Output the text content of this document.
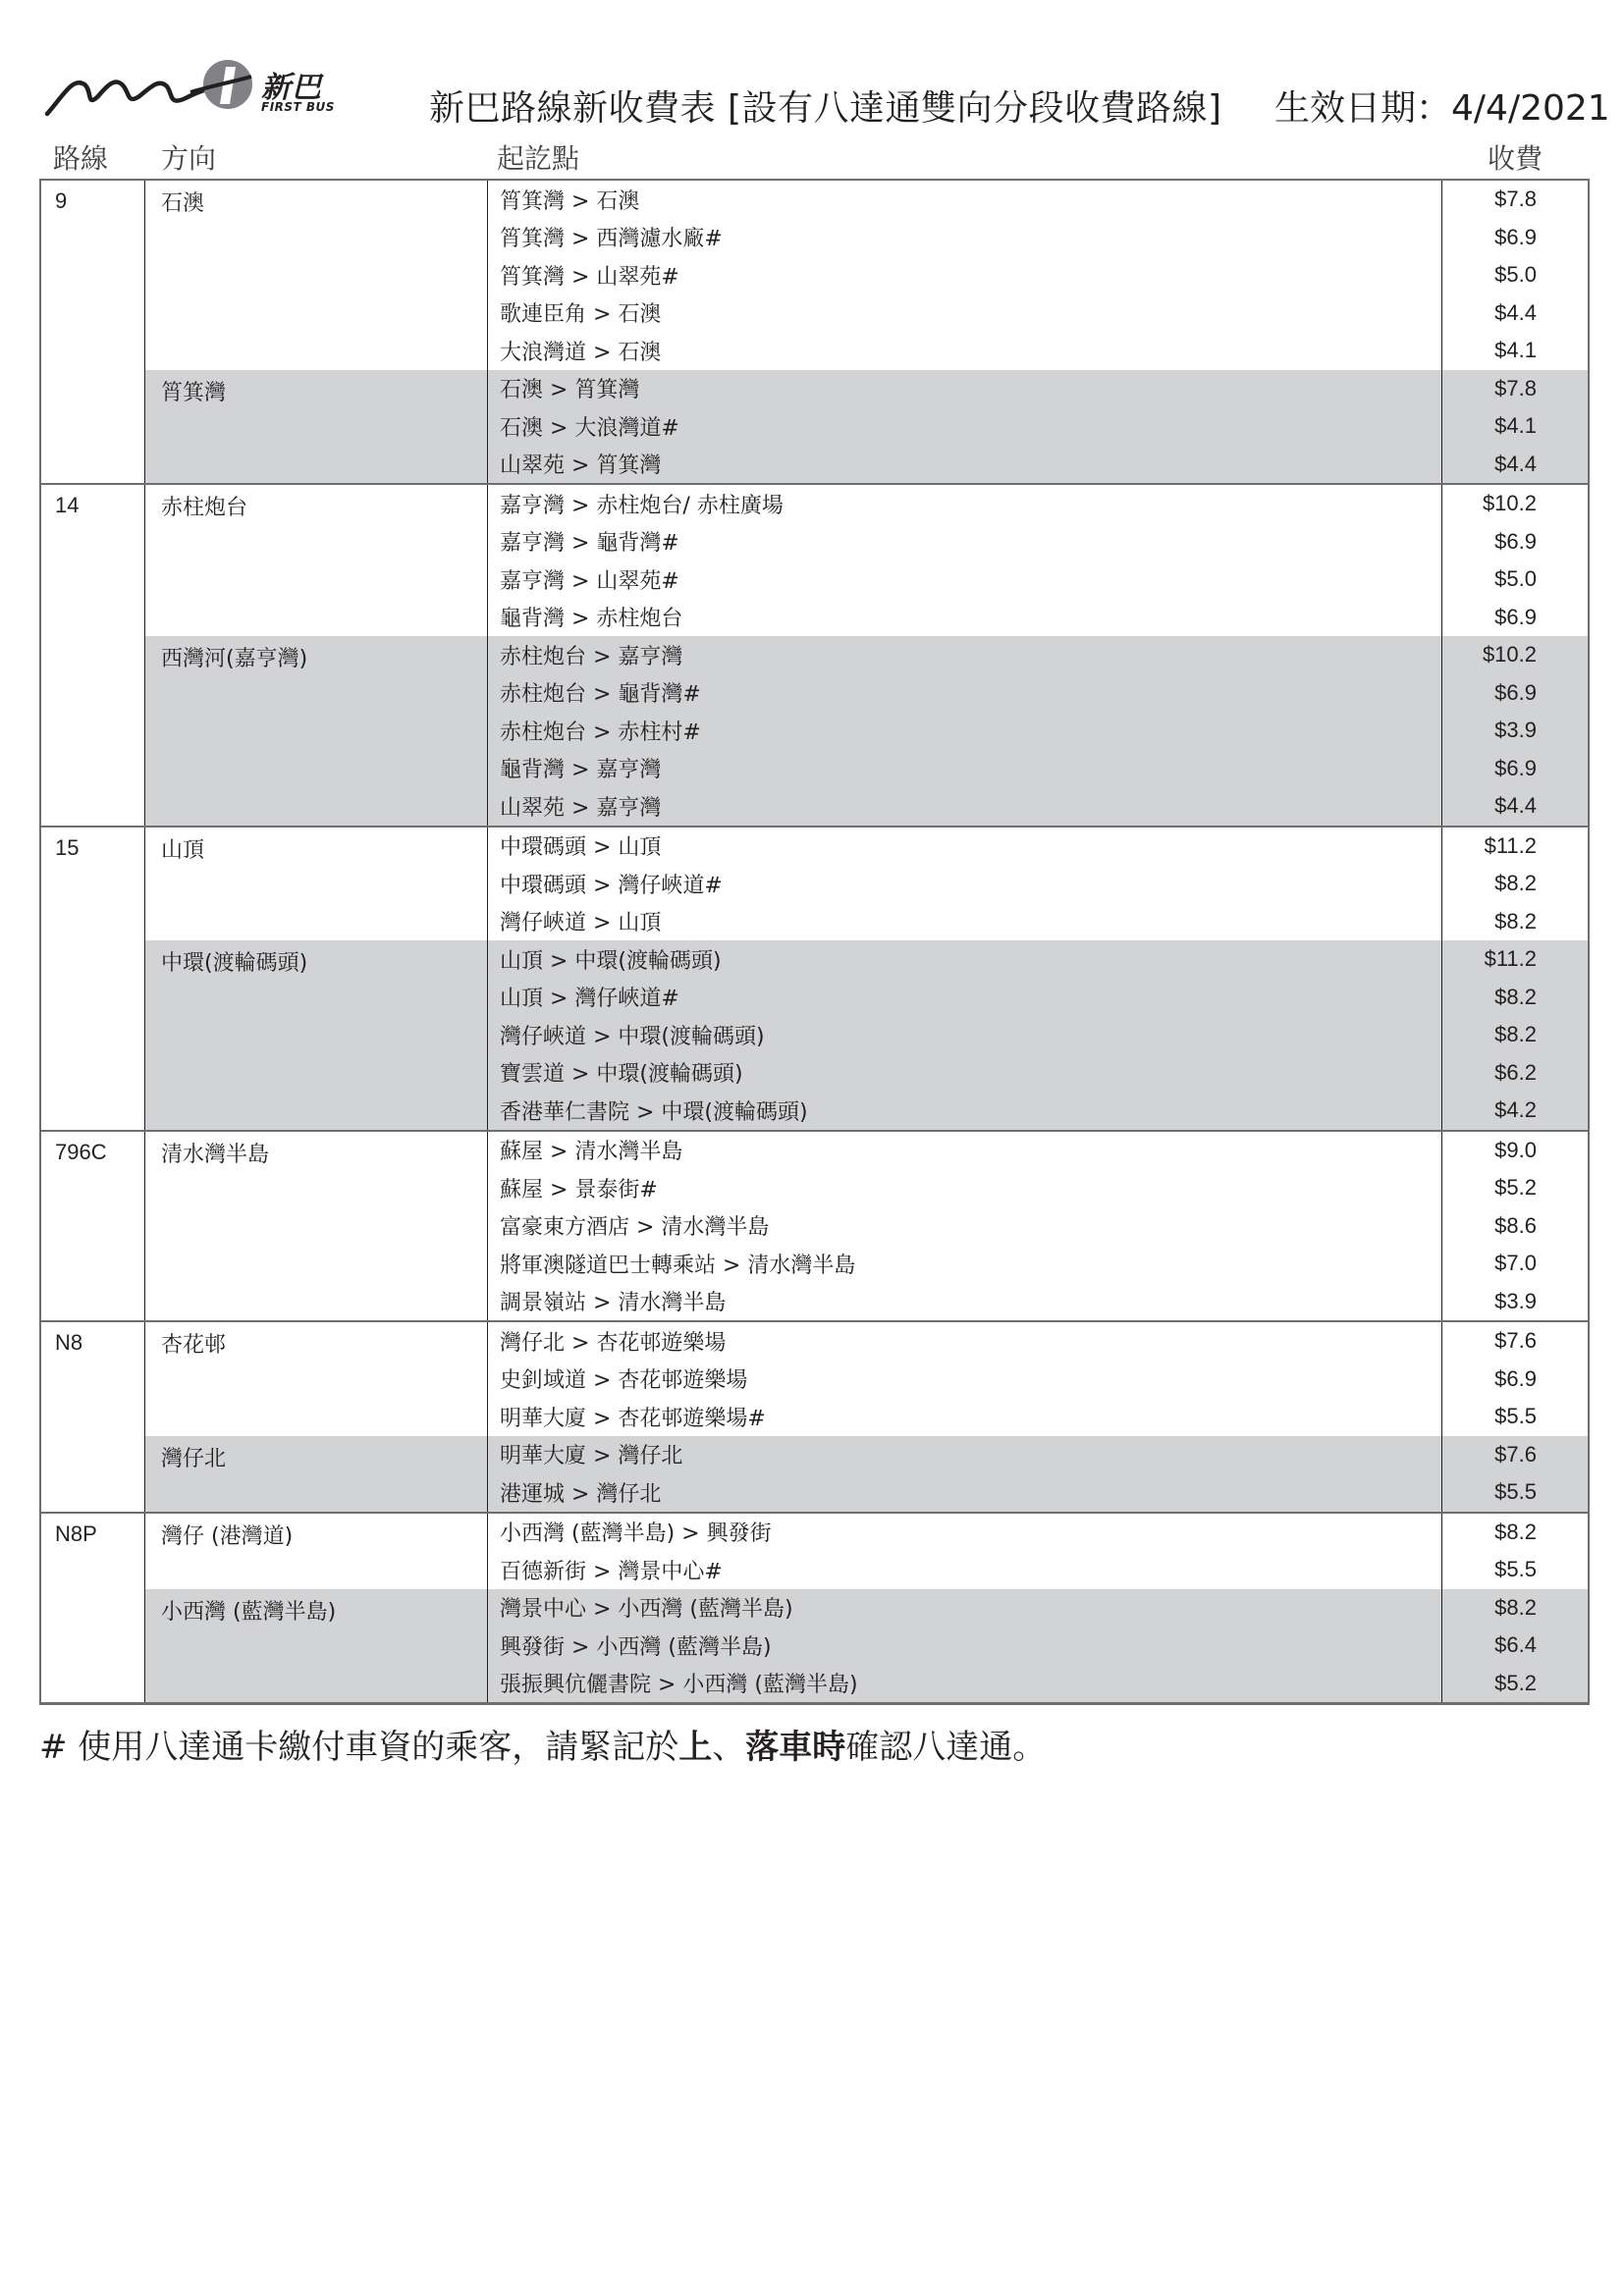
新巴
FIRST BUS	新巴路線新收費表 [設有八達通雙向分段收費路線] 生效日期：4/4/2021
路線 方向	起訖點	收費
9	石澳	筲箕灣 > 石澳	$7.8
筲箕灣 > 西灣濾水廠#	$6.9
筲箕灣 > 山翠苑#	$5.0
歌連臣角 > 石澳	$4.4
大浪灣道 > 石澳	$4.1
筲箕灣	石澳 > 筲箕灣	$7.8
石澳 > 大浪灣道#	$4.1
山翠苑 > 筲箕灣	$4.4
14	赤柱炮台	嘉亨灣 > 赤柱炮台/ 赤柱廣場	$10.2
嘉亨灣 > 龜背灣#	$6.9
嘉亨灣 > 山翠苑#	$5.0
龜背灣 > 赤柱炮台	$6.9
西灣河(嘉亨灣)	赤柱炮台 > 嘉亨灣	$10.2
赤柱炮台 > 龜背灣#	$6.9
赤柱炮台 > 赤柱村#	$3.9
龜背灣 > 嘉亨灣	$6.9
山翠苑 > 嘉亨灣	$4.4
15	山頂	中環碼頭 > 山頂	$11.2
中環碼頭 > 灣仔峽道#	$8.2
灣仔峽道 > 山頂	$8.2
中環(渡輪碼頭)	山頂 > 中環(渡輪碼頭)	$11.2
山頂 > 灣仔峽道#	$8.2
灣仔峽道 > 中環(渡輪碼頭)	$8.2
寶雲道 > 中環(渡輪碼頭)	$6.2
香港華仁書院 > 中環(渡輪碼頭)	$4.2
796C	清水灣半島	蘇屋 > 清水灣半島	$9.0
蘇屋 > 景泰街#	$5.2
富豪東方酒店 > 清水灣半島	$8.6
將軍澳隧道巴士轉乘站 > 清水灣半島	$7.0
調景嶺站 > 清水灣半島	$3.9
N8	杏花邨	灣仔北 > 杏花邨遊樂場	$7.6
史釗域道 > 杏花邨遊樂場	$6.9
明華大廈 > 杏花邨遊樂場#	$5.5
灣仔北	明華大廈 > 灣仔北	$7.6
港運城 > 灣仔北	$5.5
N8P	灣仔 (港灣道)	小西灣 (藍灣半島) > 興發街	$8.2
百德新街 > 灣景中心#	$5.5
小西灣 (藍灣半島)	灣景中心 > 小西灣 (藍灣半島)	$8.2
興發街 > 小西灣 (藍灣半島)	$6.4
張振興伉儷書院 > 小西灣 (藍灣半島)	$5.2
# 使用八達通卡繳付車資的乘客，請緊記於上、落車時確認八達通。
